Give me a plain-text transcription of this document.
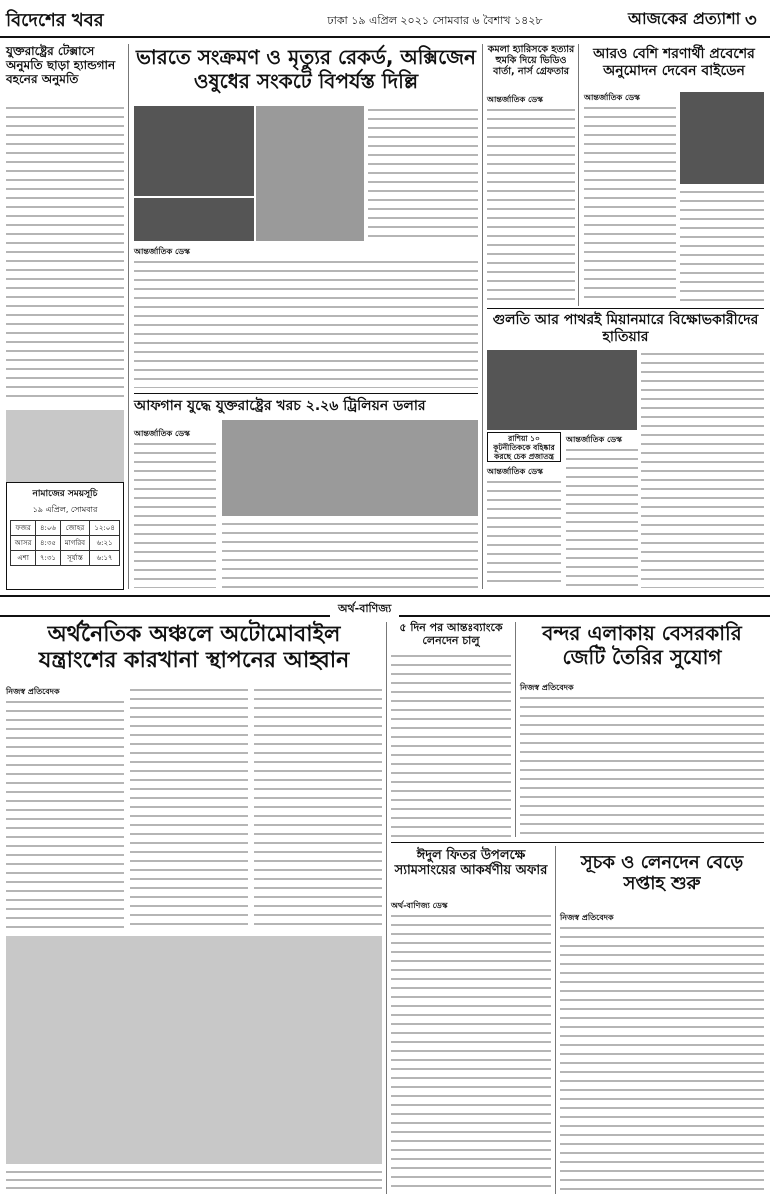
বিদেশের খবর	ঢাকা ১৯ এপ্রিল ২০২১ সোমবার ৬ বৈশাখ ১৪২৮	আজকের প্রত্যাশা ৩
যুক্তরাষ্ট্রের টেক্সাসে অনুমতি ছাড়া হ্যান্ডগান বহনের অনুমতি
নামাজের সময়সূচি
১৯ এপ্রিল, সোমবার
ফজর	৪:০৬	জোহর	১২:০৪
আসর	৪:৩৫	মাগরিব	৬:২১
এশা	৭:৩১	সূর্যাস্ত	৬:১৭
ভারতে সংক্রমণ ও মৃত্যুর রেকর্ড, অক্সিজেন ওষুধের সংকটে বিপর্যস্ত দিল্লি
আন্তর্জাতিক ডেস্ক
আফগান যুদ্ধে যুক্তরাষ্ট্রের খরচ ২.২৬ ট্রিলিয়ন ডলার
আন্তর্জাতিক ডেস্ক
কমলা হ্যারিসকে হত্যার হুমকি দিয়ে ভিডিও বার্তা, নার্স গ্রেফতার
আন্তর্জাতিক ডেস্ক
আরও বেশি শরণার্থী প্রবেশের অনুমোদন দেবেন বাইডেন
আন্তর্জাতিক ডেস্ক
গুলতি আর পাথরই মিয়ানমারে বিক্ষোভকারীদের হাতিয়ার
আন্তর্জাতিক ডেস্ক
রাশিয়া ১০ কূটনীতিককে বহিষ্কার করছে চেক প্রজাতন্ত্র
আন্তর্জাতিক ডেস্ক
অর্থ-বাণিজ্য
অর্থনৈতিক অঞ্চলে অটোমোবাইল যন্ত্রাংশের কারখানা স্থাপনের আহ্বান
নিজস্ব প্রতিবেদক
৫ দিন পর আন্তঃব্যাংকে লেনদেন চালু	বন্দর এলাকায় বেসরকারি জেটি তৈরির সুযোগ
নিজস্ব প্রতিবেদক
ঈদুল ফিতর উপলক্ষে স্যামসাংয়ের আকর্ষণীয় অফার
অর্থ-বাণিজ্য ডেস্ক
সূচক ও লেনদেন বেড়ে সপ্তাহ শুরু
নিজস্ব প্রতিবেদক
